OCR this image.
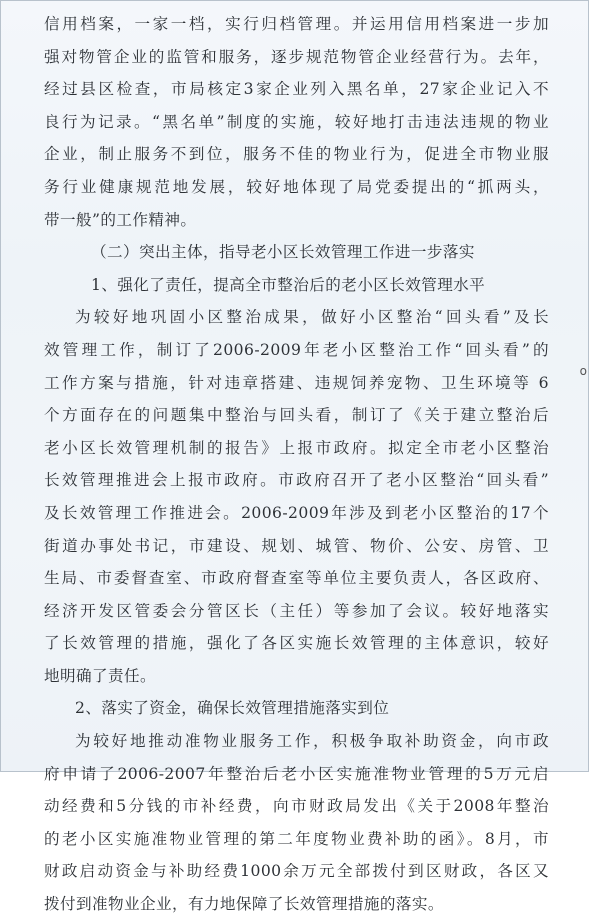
信用档案，一家一档，实行归档管理。并运用信用档案进一步加
强对物管企业的监管和服务，逐步规范物管企业经营行为。去年，
经过县区检查，市局核定3家企业列入黑名单，27家企业记入不
良行为记录。“黑名单”制度的实施，较好地打击违法违规的物业
企业，制止服务不到位，服务不佳的物业行为，促进全市物业服
务行业健康规范地发展，较好地体现了局党委提出的“抓两头，
带一般”的工作精神。
（二）突出主体，指导老小区长效管理工作进一步落实
1、强化了责任，提高全市整治后的老小区长效管理水平
为较好地巩固小区整治成果，做好小区整治“回头看”及长
效管理工作，制订了2006-2009年老小区整治工作“回头看”的
工作方案与措施，针对违章搭建、违规饲养宠物、卫生环境等 6
个方面存在的问题集中整治与回头看，制订了《关于建立整治后
老小区长效管理机制的报告》上报市政府。拟定全市老小区整治
长效管理推进会上报市政府。市政府召开了老小区整治“回头看”
及长效管理工作推进会。2006-2009年涉及到老小区整治的17个
街道办事处书记，市建设、规划、城管、物价、公安、房管、卫
生局、市委督查室、市政府督查室等单位主要负责人，各区政府、
经济开发区管委会分管区长（主任）等参加了会议。较好地落实
了长效管理的措施，强化了各区实施长效管理的主体意识，较好
地明确了责任。
2、落实了资金，确保长效管理措施落实到位
为较好地推动准物业服务工作，积极争取补助资金，向市政
府申请了2006-2007年整治后老小区实施准物业管理的5万元启
动经费和5分钱的市补经费，向市财政局发出《关于2008年整治
的老小区实施准物业管理的第二年度物业费补助的函》。8月，市
财政启动资金与补助经费1000余万元全部拨付到区财政，各区又
拨付到准物业企业，有力地保障了长效管理措施的落实。
o
